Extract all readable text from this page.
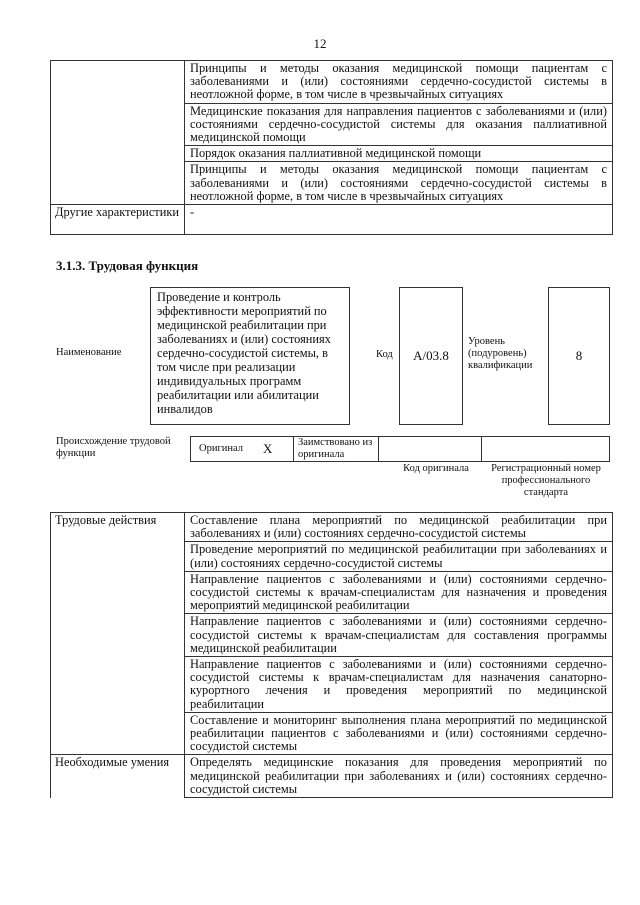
12
	Принципы и методы оказания медицинской помощи пациентам с заболеваниями и (или) состояниями сердечно-сосудистой системы в неотложной форме, в том числе в чрезвычайных ситуациях
	Медицинские показания для направления пациентов с заболеваниями и (или) состояниями сердечно-сосудистой системы для оказания паллиативной медицинской помощи
	Порядок оказания паллиативной медицинской помощи
	Принципы и методы оказания медицинской помощи пациентам с заболеваниями и (или) состояниями сердечно-сосудистой системы в неотложной форме, в том числе в чрезвычайных ситуациях
Другие характеристики	-
3.1.3. Трудовая функция
Наименование
Проведение и контроль эффективности мероприятий по медицинской реабилитации при заболеваниях и (или) состояниях сердечно-сосудистой системы, в том числе при реализации индивидуальных программ реабилитации или абилитации инвалидов
Код А/03.8
Уровень (подуровень) квалификации
8
Происхождение трудовой функции	Оригинал X Заимствовано из оригинала
Код оригинала	Регистрационный номер профессионального стандарта
Трудовые действия	Составление плана мероприятий по медицинской реабилитации при заболеваниях и (или) состояниях сердечно-сосудистой системы
	Проведение мероприятий по медицинской реабилитации при заболеваниях и (или) состояниях сердечно-сосудистой системы
	Направление пациентов с заболеваниями и (или) состояниями сердечно-сосудистой системы к врачам-специалистам для назначения и проведения мероприятий медицинской реабилитации
	Направление пациентов с заболеваниями и (или) состояниями сердечно-сосудистой системы к врачам-специалистам для составления программы медицинской реабилитации
	Направление пациентов с заболеваниями и (или) состояниями сердечно-сосудистой системы к врачам-специалистам для назначения санаторно-курортного лечения и проведения мероприятий по медицинской реабилитации
	Составление и мониторинг выполнения плана мероприятий по медицинской реабилитации пациентов с заболеваниями и (или) состояниями сердечно-сосудистой системы
Необходимые умения	Определять медицинские показания для проведения мероприятий по медицинской реабилитации при заболеваниях и (или) состояниях сердечно-сосудистой системы
